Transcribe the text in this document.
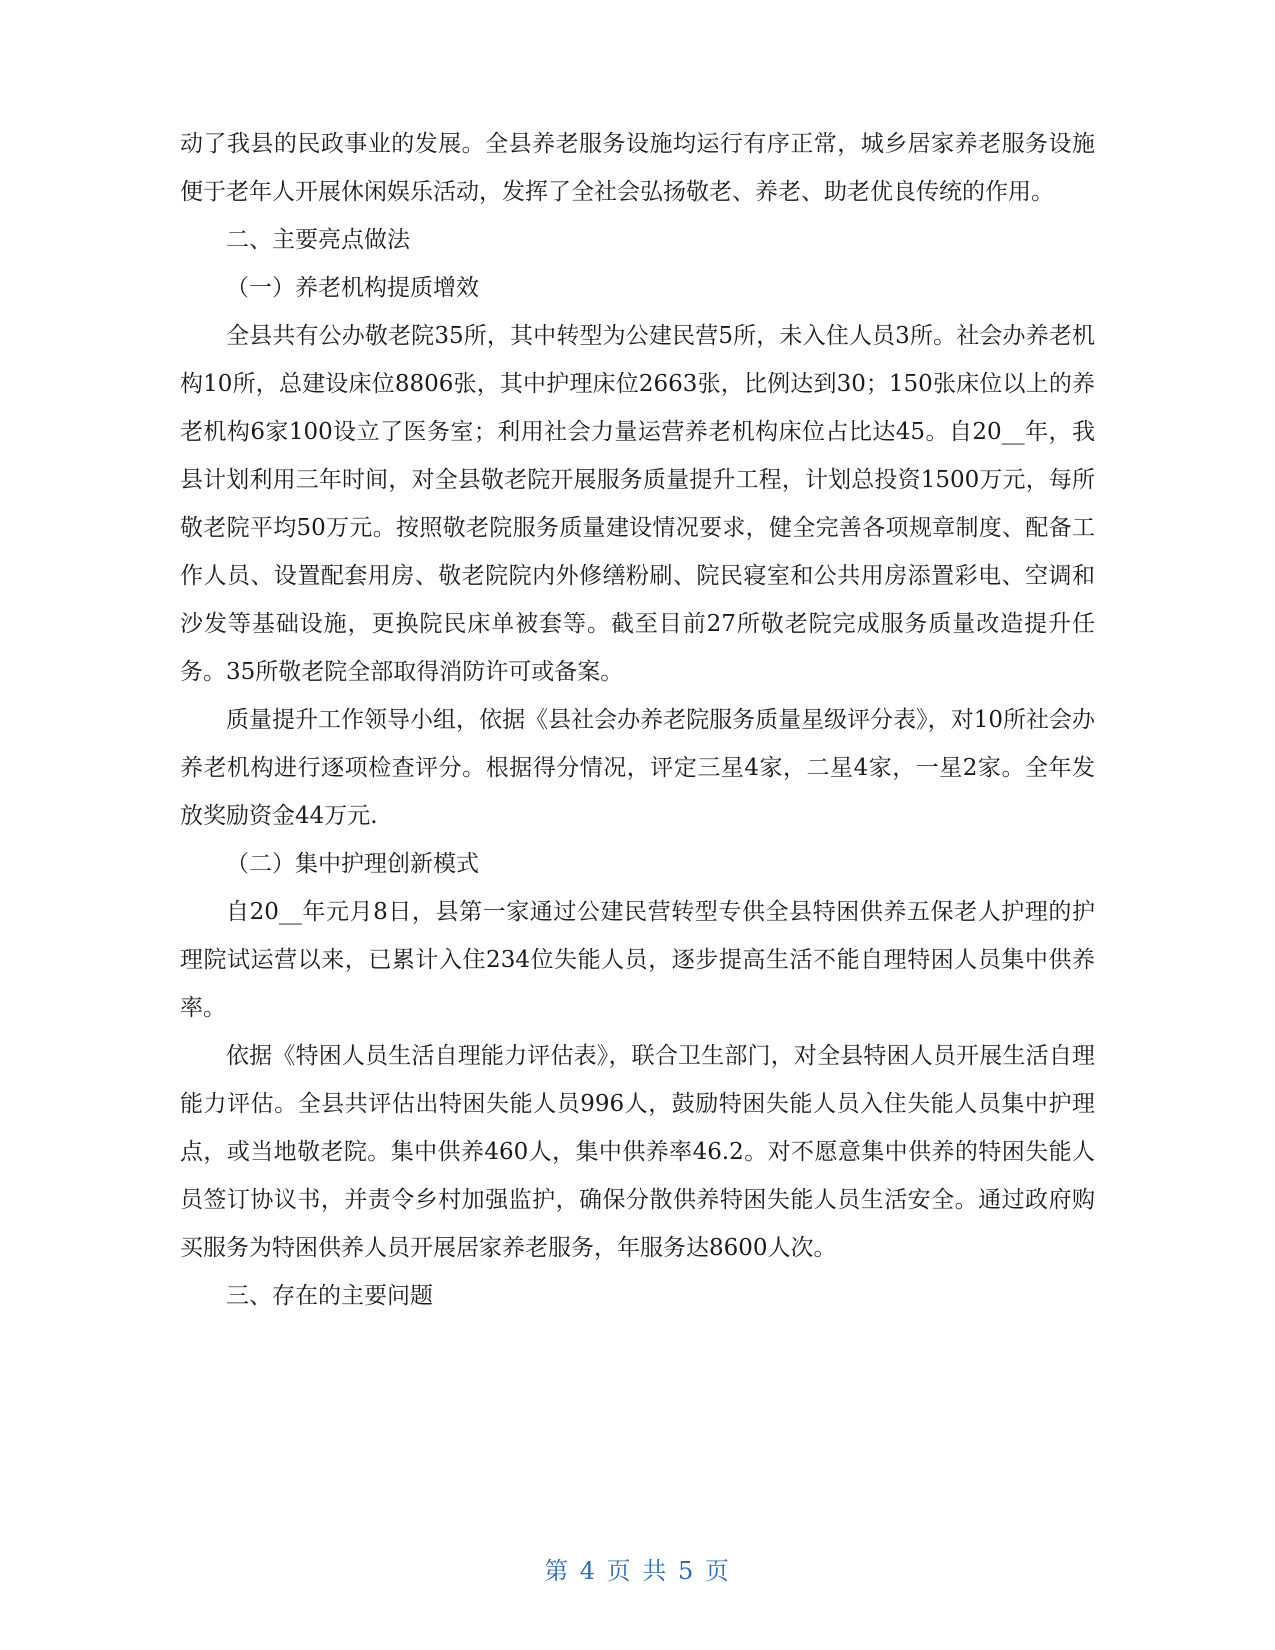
动了我县的民政事业的发展。全县养老服务设施均运行有序正常，城乡居家养老服务设施便于老年人开展休闲娱乐活动，发挥了全社会弘扬敬老、养老、助老优良传统的作用。

二、主要亮点做法

（一）养老机构提质增效

全县共有公办敬老院35所，其中转型为公建民营5所，未入住人员3所。社会办养老机构10所，总建设床位8806张，其中护理床位2663张，比例达到30；150张床位以上的养老机构6家100设立了医务室；利用社会力量运营养老机构床位占比达45。自20__年，我县计划利用三年时间，对全县敬老院开展服务质量提升工程，计划总投资1500万元，每所敬老院平均50万元。按照敬老院服务质量建设情况要求，健全完善各项规章制度、配备工作人员、设置配套用房、敬老院院内外修缮粉刷、院民寝室和公共用房添置彩电、空调和沙发等基础设施，更换院民床单被套等。截至目前27所敬老院完成服务质量改造提升任务。35所敬老院全部取得消防许可或备案。

质量提升工作领导小组，依据《县社会办养老院服务质量星级评分表》，对10所社会办养老机构进行逐项检查评分。根据得分情况，评定三星4家，二星4家，一星2家。全年发放奖励资金44万元.

（二）集中护理创新模式

自20__年元月8日，县第一家通过公建民营转型专供全县特困供养五保老人护理的护理院试运营以来，已累计入住234位失能人员，逐步提高生活不能自理特困人员集中供养率。

依据《特困人员生活自理能力评估表》，联合卫生部门，对全县特困人员开展生活自理能力评估。全县共评估出特困失能人员996人，鼓励特困失能人员入住失能人员集中护理点，或当地敬老院。集中供养460人，集中供养率46.2。对不愿意集中供养的特困失能人员签订协议书，并责令乡村加强监护，确保分散供养特困失能人员生活安全。通过政府购买服务为特困供养人员开展居家养老服务，年服务达8600人次。

三、存在的主要问题

第 4 页 共 5 页
